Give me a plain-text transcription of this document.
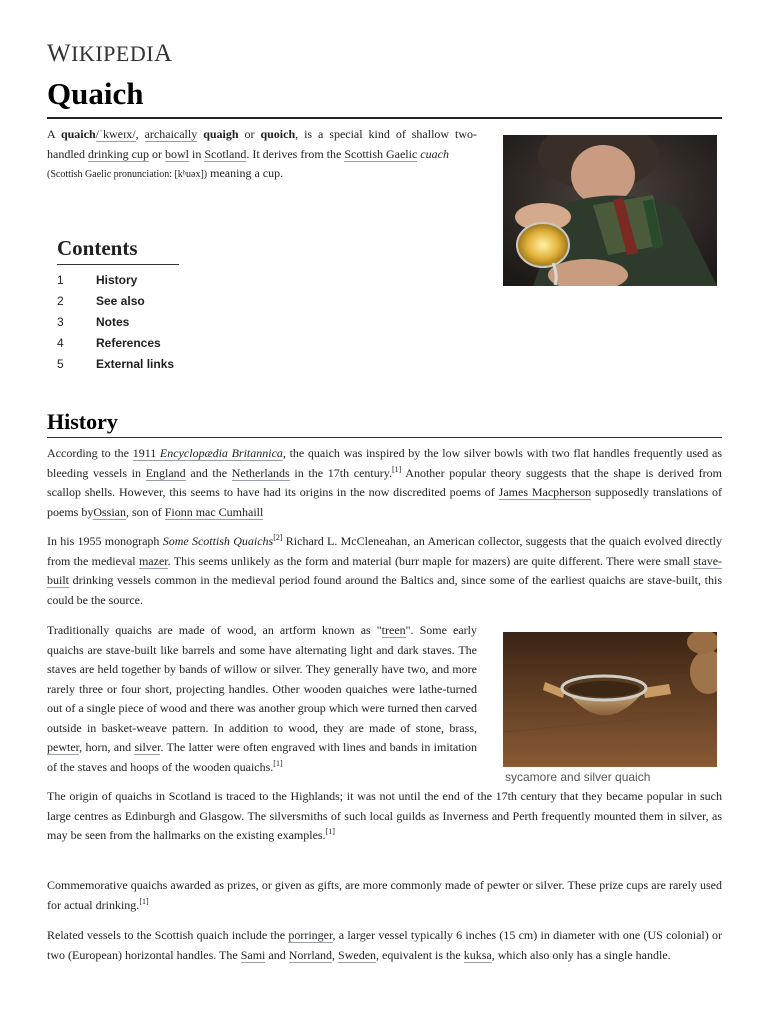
WIKIPEDIA
Quaich

A quaich/ˈkweɪx/, archaically quaigh or quoich, is a special kind of shallow two-handled drinking cup or bowl in Scotland. It derives from the Scottish Gaelic cuach
(Scottish Gaelic pronunciation: [kʰuəx]) meaning a cup.

Contents
1	History
2	See also
3	Notes
4	References
5	External links
History

According to the 1911 Encyclopædia Britannica, the quaich was inspired by the low silver bowls with two flat handles frequently used as bleeding vessels in England and the Netherlands in the 17th century.[1] Another popular theory suggests that the shape is derived from scallop shells. However, this seems to have had its origins in the now discredited poems of James Macpherson supposedly translations of poems byOssian, son of Fionn mac Cumhaill

In his 1955 monograph Some Scottish Quaichs[2] Richard L. McCleneahan, an American collector, suggests that the quaich evolved directly from the medieval mazer. This seems unlikely as the form and material (burr maple for mazers) are quite different. There were small stave-built drinking vessels common in the medieval period found around the Baltics and, since some of the earliest quaichs are stave-built, this could be the source.

Traditionally quaichs are made of wood, an artform known as "treen". Some early quaichs are stave-built like barrels and some have alternating light and dark staves. The staves are held together by bands of willow or silver. They generally have two, and more rarely three or four short, projecting handles. Other wooden quaiches were lathe-turned out of a single piece of wood and there was another group which were turned then carved outside in basket-weave pattern. In addition to wood, they are made of stone, brass, pewter, horn, and silver. The latter were often engraved with lines and bands in imitation of the staves and hoops of the wooden quaichs.[1]

sycamore and silver quaich

The origin of quaichs in Scotland is traced to the Highlands; it was not until the end of the 17th century that they became popular in such large centres as Edinburgh and Glasgow. The silversmiths of such local guilds as Inverness and Perth frequently mounted them in silver, as may be seen from the hallmarks on the existing examples.[1]

Commemorative quaichs awarded as prizes, or given as gifts, are more commonly made of pewter or silver. These prize cups are rarely used for actual drinking.[1]

Related vessels to the Scottish quaich include the porringer, a larger vessel typically 6 inches (15 cm) in diameter with one (US colonial) or two (European) horizontal handles. The Sami and Norrland, Sweden, equivalent is the kuksa, which also only has a single handle.
